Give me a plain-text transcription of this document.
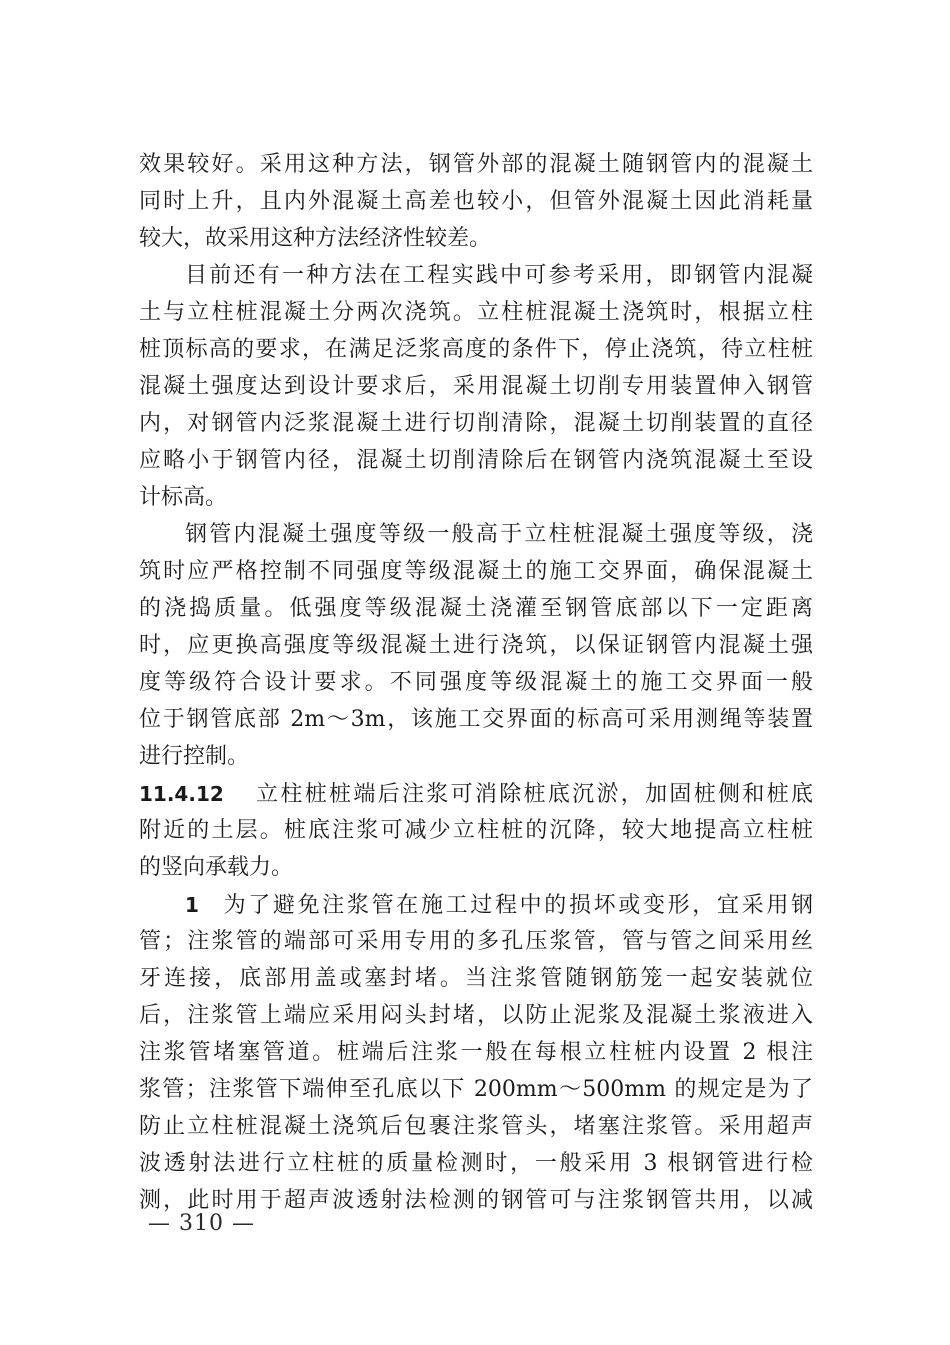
效果较好。采用这种方法，钢管外部的混凝土随钢管内的混凝土
同时上升，且内外混凝土高差也较小，但管外混凝土因此消耗量
较大，故采用这种方法经济性较差。
目前还有一种方法在工程实践中可参考采用，即钢管内混凝
土与立柱桩混凝土分两次浇筑。立柱桩混凝土浇筑时，根据立柱
桩顶标高的要求，在满足泛浆高度的条件下，停止浇筑，待立柱桩
混凝土强度达到设计要求后，采用混凝土切削专用装置伸入钢管
内，对钢管内泛浆混凝土进行切削清除，混凝土切削装置的直径
应略小于钢管内径，混凝土切削清除后在钢管内浇筑混凝土至设
计标高。
钢管内混凝土强度等级一般高于立柱桩混凝土强度等级，浇
筑时应严格控制不同强度等级混凝土的施工交界面，确保混凝土
的浇捣质量。低强度等级混凝土浇灌至钢管底部以下一定距离
时，应更换高强度等级混凝土进行浇筑，以保证钢管内混凝土强
度等级符合设计要求。不同强度等级混凝土的施工交界面一般
位于钢管底部 2m～3m，该施工交界面的标高可采用测绳等装置
进行控制。
11.4.12 立柱桩桩端后注浆可消除桩底沉淤，加固桩侧和桩底
附近的土层。桩底注浆可减少立柱桩的沉降，较大地提高立柱桩
的竖向承载力。
1 为了避免注浆管在施工过程中的损坏或变形，宜采用钢
管；注浆管的端部可采用专用的多孔压浆管，管与管之间采用丝
牙连接，底部用盖或塞封堵。当注浆管随钢筋笼一起安装就位
后，注浆管上端应采用闷头封堵，以防止泥浆及混凝土浆液进入
注浆管堵塞管道。桩端后注浆一般在每根立柱桩内设置 2 根注
浆管；注浆管下端伸至孔底以下 200mm～500mm 的规定是为了
防止立柱桩混凝土浇筑后包裹注浆管头，堵塞注浆管。采用超声
波透射法进行立柱桩的质量检测时，一般采用 3 根钢管进行检
测，此时用于超声波透射法检测的钢管可与注浆钢管共用，以减
— 310 —
